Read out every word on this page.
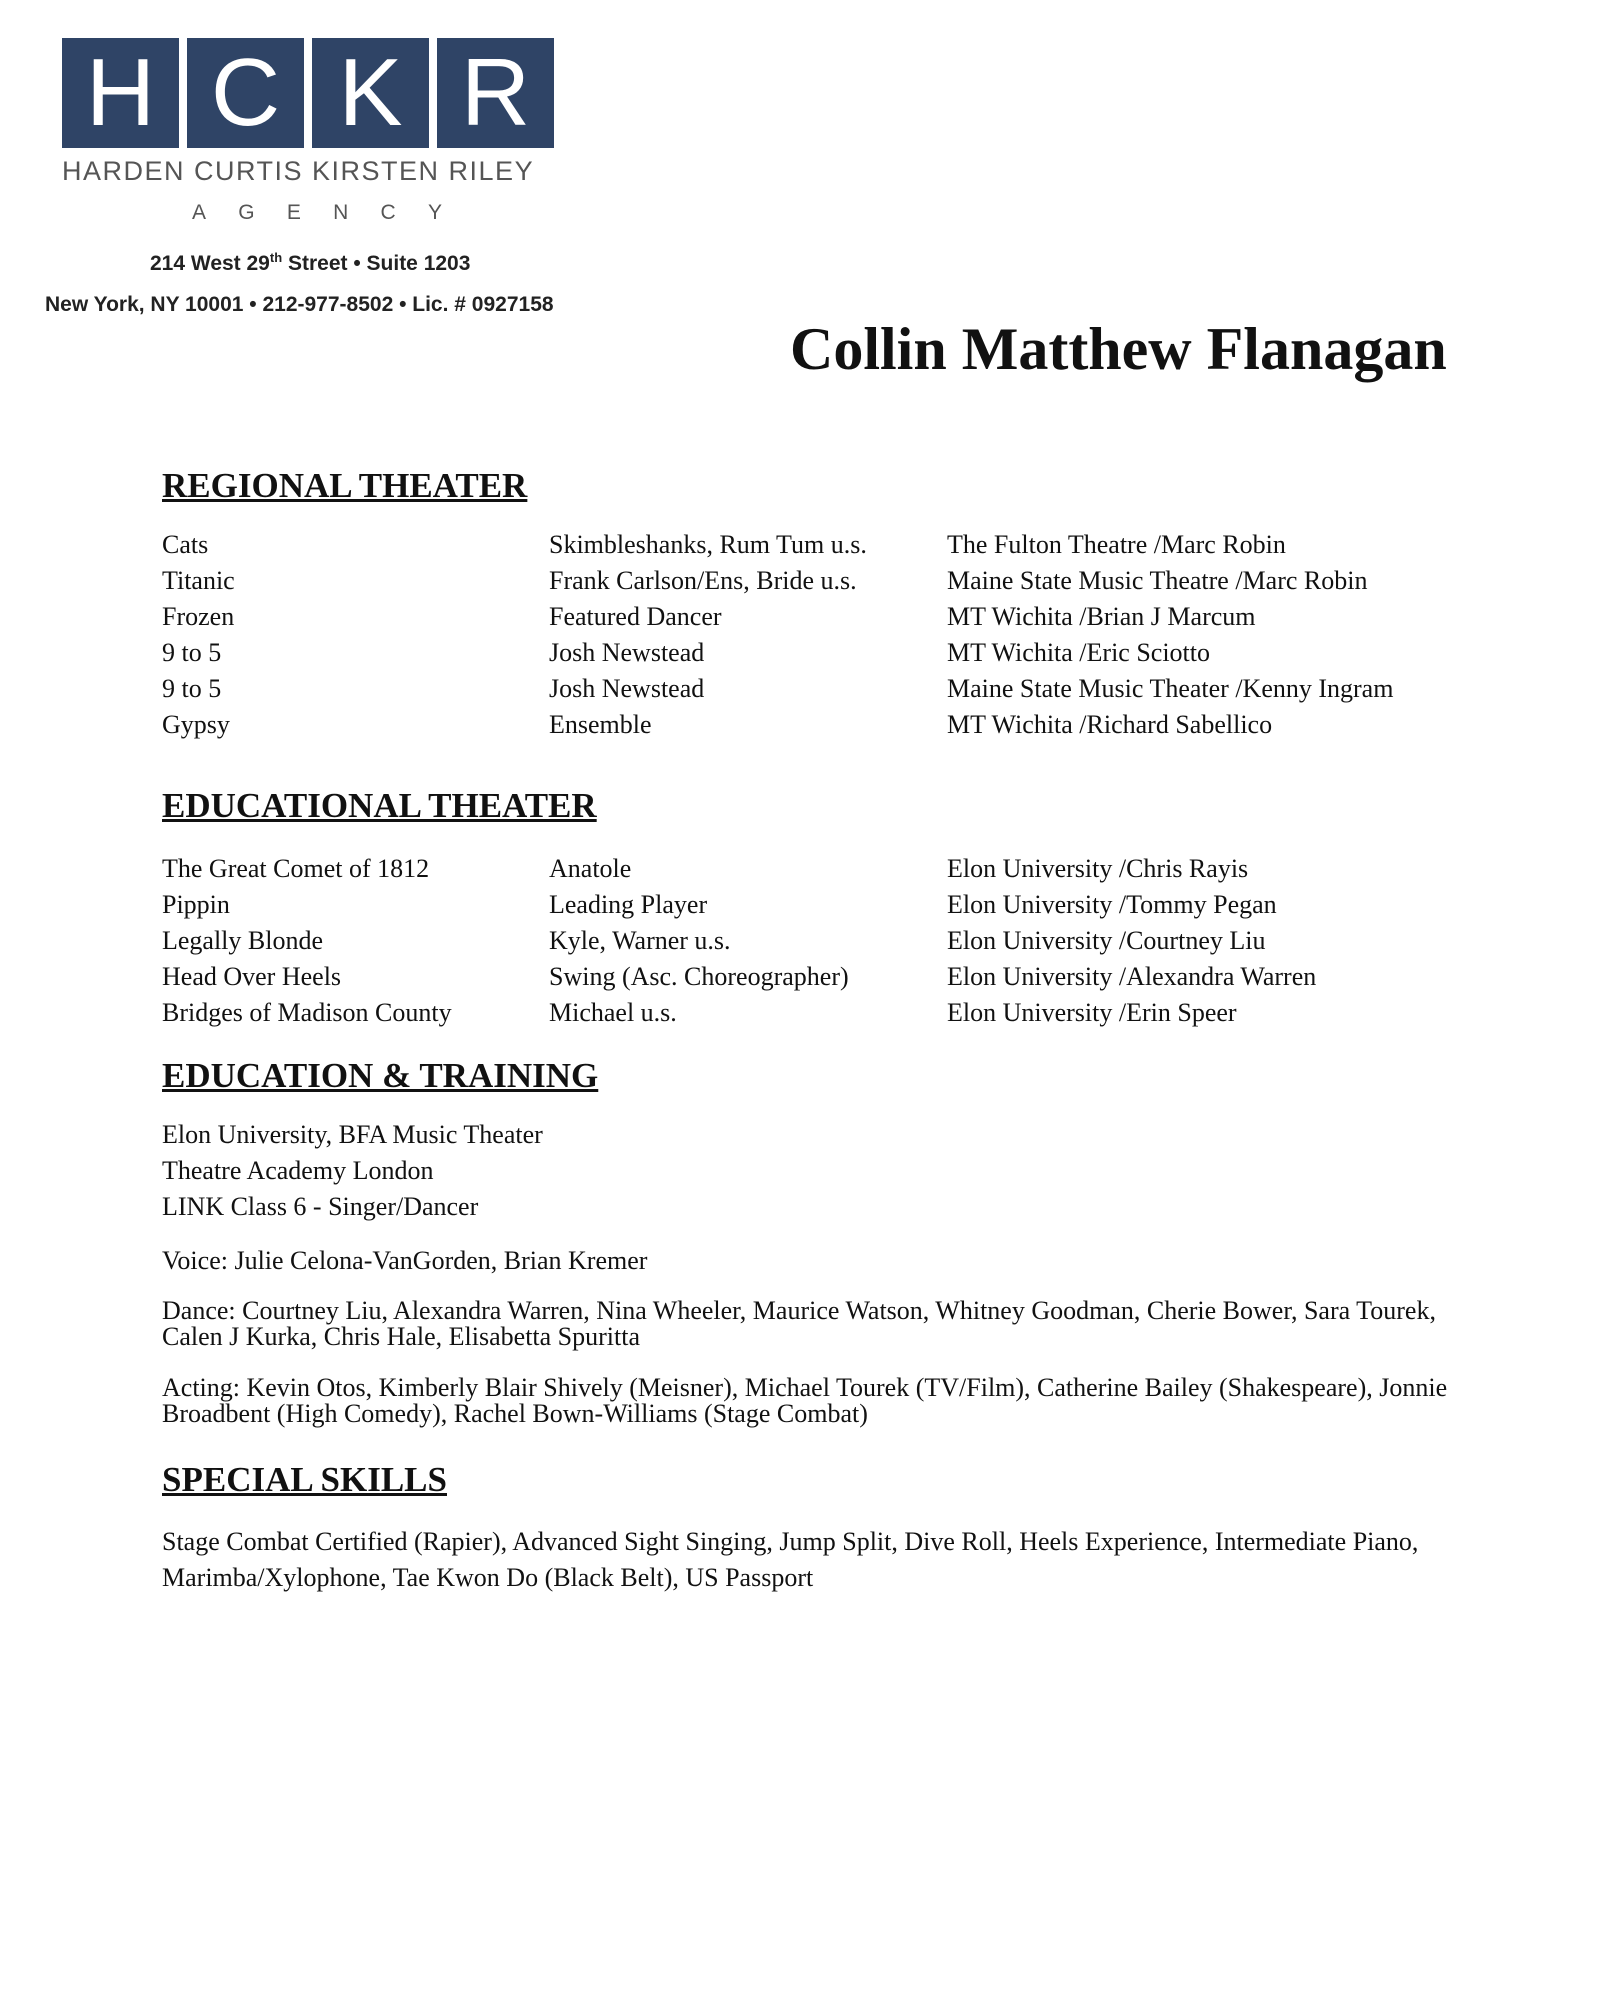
H C K R
HARDEN CURTIS KIRSTEN RILEY
A G E N C Y
214 West 29th Street • Suite 1203
New York, NY 10001 • 212-977-8502 • Lic. # 0927158
Collin Matthew Flanagan
REGIONAL THEATER
Cats	Skimbleshanks, Rum Tum u.s.	The Fulton Theatre /Marc Robin
Titanic	Frank Carlson/Ens, Bride u.s.	Maine State Music Theatre /Marc Robin
Frozen	Featured Dancer	MT Wichita /Brian J Marcum
9 to 5	Josh Newstead	MT Wichita /Eric Sciotto
9 to 5	Josh Newstead	Maine State Music Theater /Kenny Ingram
Gypsy	Ensemble	MT Wichita /Richard Sabellico
EDUCATIONAL THEATER
The Great Comet of 1812	Anatole	Elon University /Chris Rayis
Pippin	Leading Player	Elon University /Tommy Pegan
Legally Blonde	Kyle, Warner u.s.	Elon University /Courtney Liu
Head Over Heels	Swing (Asc. Choreographer)	Elon University /Alexandra Warren
Bridges of Madison County	Michael u.s.	Elon University /Erin Speer
EDUCATION & TRAINING
Elon University, BFA Music Theater
Theatre Academy London
LINK Class 6 - Singer/Dancer
Voice: Julie Celona-VanGorden, Brian Kremer
Dance: Courtney Liu, Alexandra Warren, Nina Wheeler, Maurice Watson, Whitney Goodman, Cherie Bower, Sara Tourek, Calen J Kurka, Chris Hale, Elisabetta Spuritta
Acting: Kevin Otos, Kimberly Blair Shively (Meisner), Michael Tourek (TV/Film), Catherine Bailey (Shakespeare), Jonnie Broadbent (High Comedy), Rachel Bown-Williams (Stage Combat)
SPECIAL SKILLS
Stage Combat Certified (Rapier), Advanced Sight Singing, Jump Split, Dive Roll, Heels Experience, Intermediate Piano, Marimba/Xylophone, Tae Kwon Do (Black Belt), US Passport
